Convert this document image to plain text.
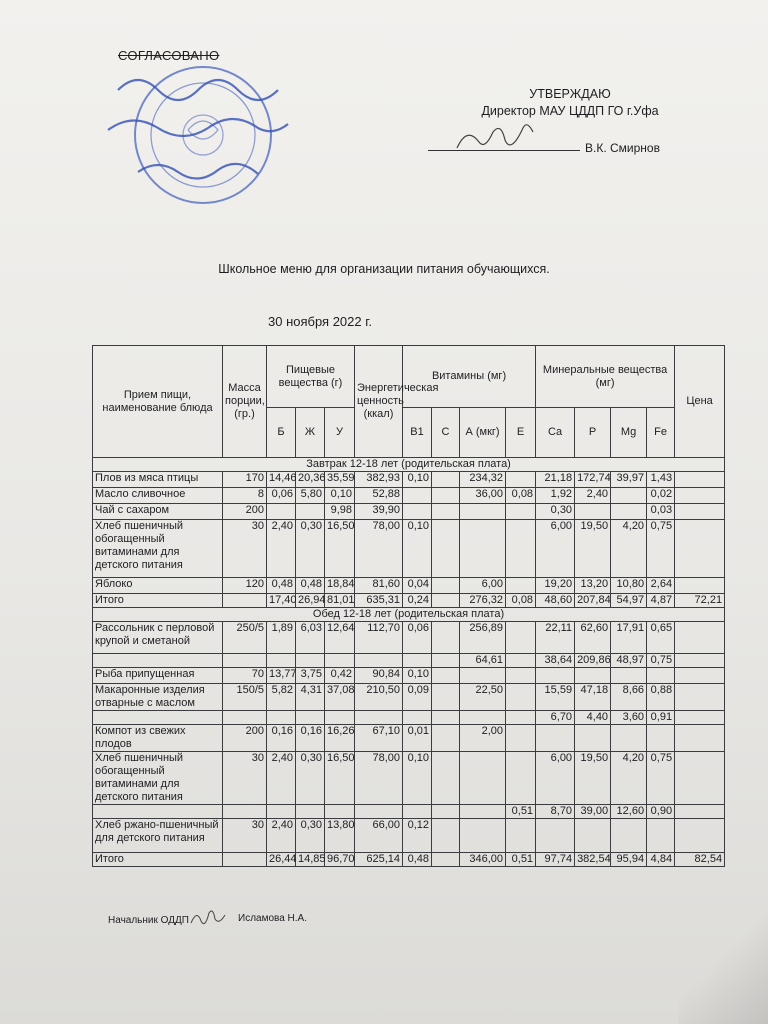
СОГЛАСОВАНО
УТВЕРЖДАЮ
Директор МАУ ЦДДП ГО г.Уфа
В.К. Смирнов
Школьное меню для организации питания обучающихся.
30 ноября 2022 г.
Прием пищи, наименование блюда	Масса порции, (гр.)	Пищевые вещества (г)			Энергетическая ценность (ккал)	Витамины (мг)				Минеральные вещества (мг)				Цена
		Б	Ж	У		B1	C	А (мкг)	Е	Ca	P	Mg	Fe	
Завтрак 12-18 лет (родительская плата)														
Плов из мяса птицы	170	14,46	20,36	35,59	382,93	0,10		234,32		21,18	172,74	39,97	1,43	
Масло сливочное	8	0,06	5,80	0,10	52,88			36,00	0,08	1,92	2,40		0,02	
Чай с сахаром	200			9,98	39,90					0,30			0,03	
Хлеб пшеничный обогащенный витаминами для детского питания	30	2,40	0,30	16,50	78,00	0,10				6,00	19,50	4,20	0,75	
Яблоко	120	0,48	0,48	18,84	81,60	0,04		6,00		19,20	13,20	10,80	2,64	
Итого		17,40	26,94	81,01	635,31	0,24		276,32	0,08	48,60	207,84	54,97	4,87	72,21
Обед 12-18 лет (родительская плата)														
Рассольник с перловой крупой и сметаной	250/5	1,89	6,03	12,64	112,70	0,06		256,89		22,11	62,60	17,91	0,65	
								64,61		38,64	209,86	48,97	0,75	
Рыба припущенная	70	13,77	3,75	0,42	90,84	0,10								
Макаронные изделия отварные с маслом	150/5	5,82	4,31	37,08	210,50	0,09		22,50		15,59	47,18	8,66	0,88	
										6,70	4,40	3,60	0,91	
Компот из свежих плодов	200	0,16	0,16	16,26	67,10	0,01		2,00						
Хлеб пшеничный обогащенный витаминами для детского питания	30	2,40	0,30	16,50	78,00	0,10				6,00	19,50	4,20	0,75	
									0,51	8,70	39,00	12,60	0,90	
Хлеб ржано-пшеничный для детского питания	30	2,40	0,30	13,80	66,00	0,12								
Итого		26,44	14,85	96,70	625,14	0,48		346,00	0,51	97,74	382,54	95,94	4,84	82,54
Начальник ОДДП	Исламова Н.А.
